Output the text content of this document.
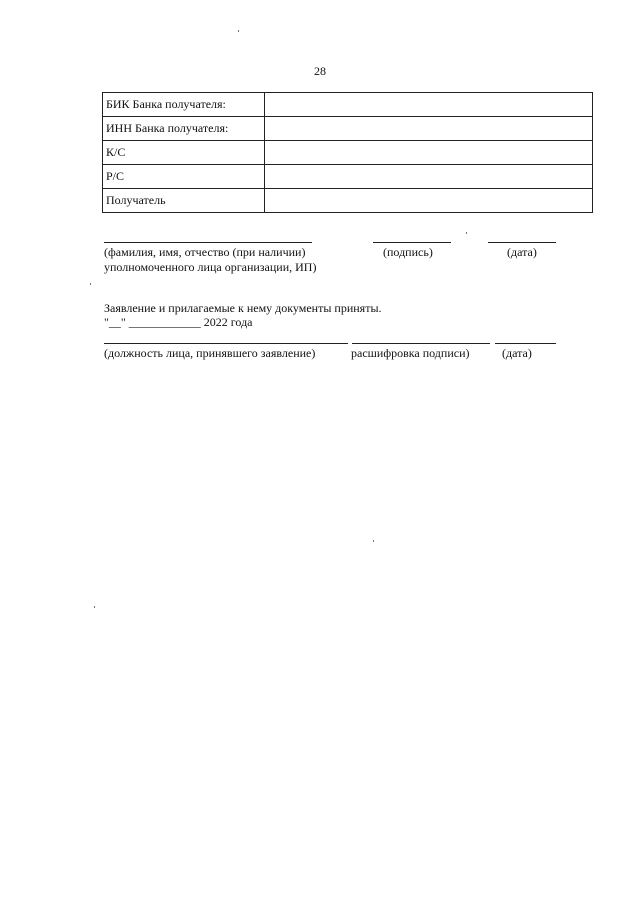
28
БИК Банка получателя:	
ИНН Банка получателя:	
К/С	
Р/С	
Получатель	
(фамилия, имя, отчество (при наличии)
уполномоченного лица организации, ИП)
(подпись)	(дата)
Заявление и прилагаемые к нему документы приняты.
"__" ____________ 2022 года
(должность лица, принявшего заявление)	расшифровка подписи)	(дата)
